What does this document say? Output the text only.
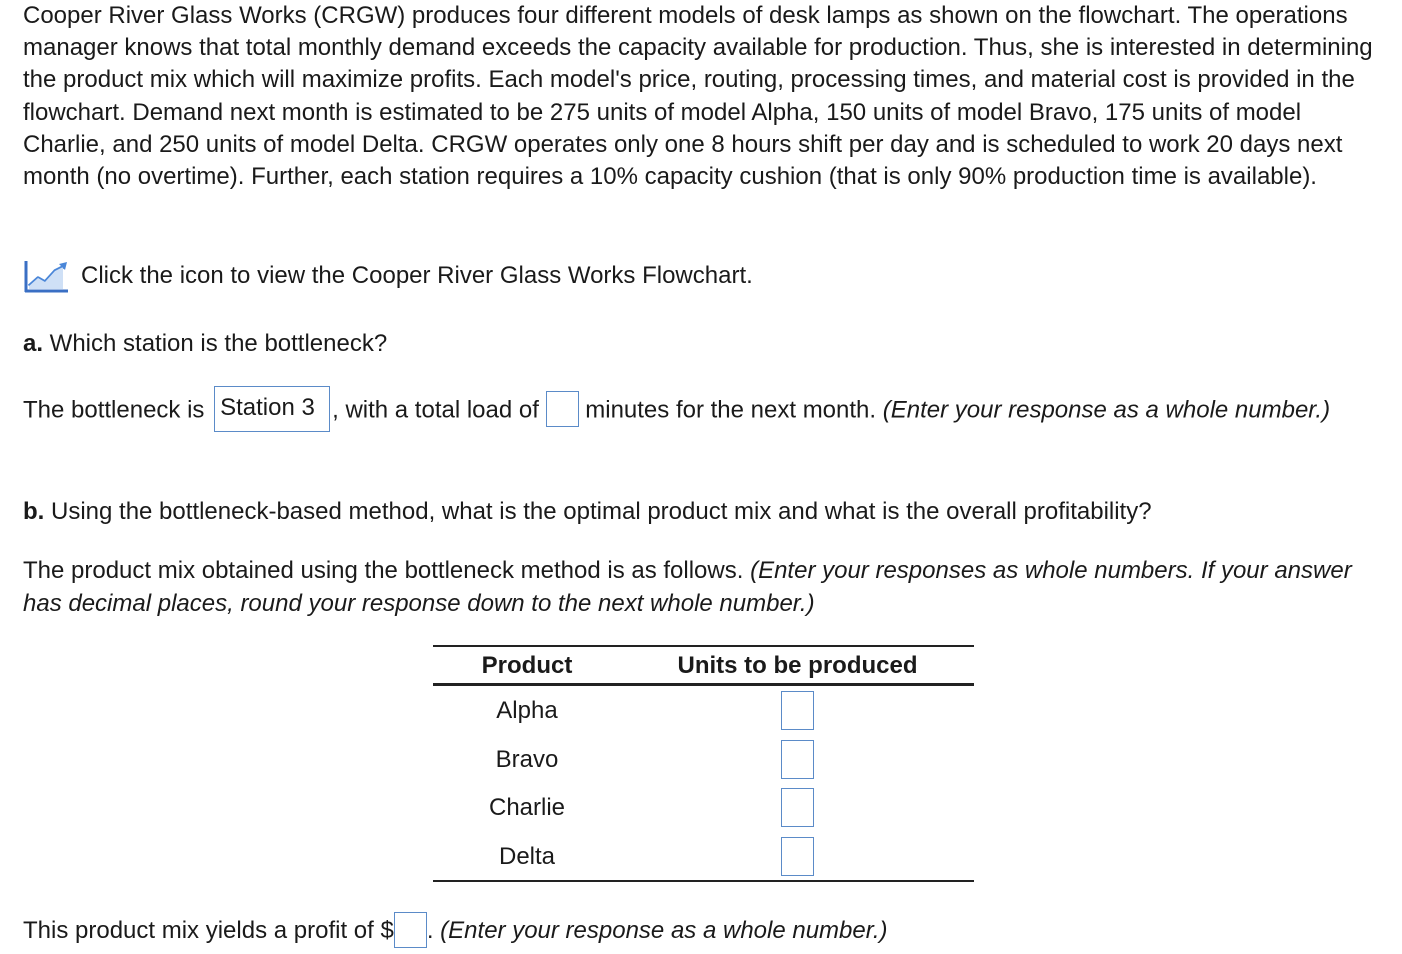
Cooper River Glass Works (CRGW) produces four different models of desk lamps as shown on the flowchart. The operations manager knows that total monthly demand exceeds the capacity available for production. Thus, she is interested in determining the product mix which will maximize profits. Each model's price, routing, processing times, and material cost is provided in the flowchart. Demand next month is estimated to be 275 units of model Alpha, 150 units of model Bravo, 175 units of model Charlie, and 250 units of model Delta. CRGW operates only one 8 hours shift per day and is scheduled to work 20 days next month (no overtime). Further, each station requires a 10% capacity cushion (that is only 90% production time is available).
Click the icon to view the Cooper River Glass Works Flowchart.
a. Which station is the bottleneck?
The bottleneck is Station 3 , with a total load of  minutes for the next month. (Enter your response as a whole number.)
b. Using the bottleneck-based method, what is the optimal product mix and what is the overall profitability?
The product mix obtained using the bottleneck method is as follows. (Enter your responses as whole numbers. If your answer has decimal places, round your response down to the next whole number.)
Product	Units to be produced
Alpha
Bravo
Charlie
Delta
This product mix yields a profit of $ . (Enter your response as a whole number.)
